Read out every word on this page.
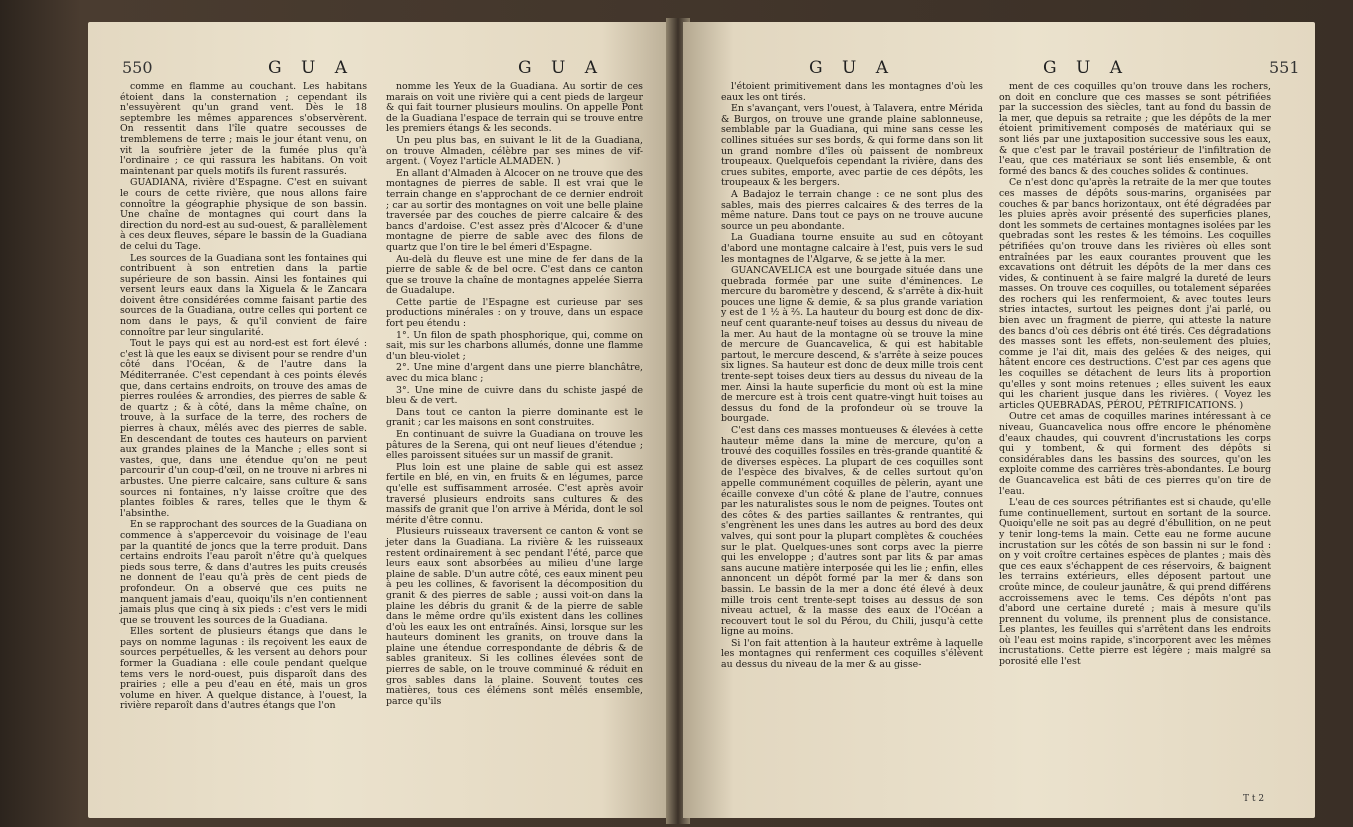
550	G U A	G U A

comme en flamme au couchant. Les habitans étoient dans la consternation ; cependant ils n'essuyèrent qu'un grand vent. Dès le 18 septembre les mêmes apparences s'observèrent. On ressentit dans l'île quatre secousses de tremblemens de terre ; mais le jour étant venu, on vit la soufrière jeter de la fumée plus qu'à l'ordinaire ; ce qui rassura les habitans. On voit maintenant par quels motifs ils furent rassurés.

GUADIANA, rivière d'Espagne. C'est en suivant le cours de cette rivière, que nous allons faire connoître la géographie physique de son bassin. Une chaîne de montagnes qui court dans la direction du nord-est au sud-ouest, & parallèlement à ces deux fleuves, sépare le bassin de la Guadiana de celui du Tage.

Les sources de la Guadiana sont les fontaines qui contribuent à son entretien dans la partie supérieure de son bassin. Ainsi les fontaines qui versent leurs eaux dans la Xiguela & le Zancara doivent être considérées comme faisant partie des sources de la Guadiana, outre celles qui portent ce nom dans le pays, & qu'il convient de faire connoître par leur singularité.

Tout le pays qui est au nord-est est fort élevé : c'est là que les eaux se divisent pour se rendre d'un côté dans l'Océan, & de l'autre dans la Méditerranée. C'est cependant à ces points élevés que, dans certains endroits, on trouve des amas de pierres roulées & arrondies, des pierres de sable & de quartz ; & à côté, dans la même chaîne, on trouve, à la surface de la terre, des rochers de pierres à chaux, mêlés avec des pierres de sable. En descendant de toutes ces hauteurs on parvient aux grandes plaines de la Manche ; elles sont si vastes, que, dans une étendue qu'on ne peut parcourir d'un coup-d'œil, on ne trouve ni arbres ni arbustes. Une pierre calcaire, sans culture & sans sources ni fontaines, n'y laisse croître que des plantes foibles & rares, telles que le thym & l'absinthe.

En se rapprochant des sources de la Guadiana on commence à s'appercevoir du voisinage de l'eau par la quantité de joncs que la terre produit. Dans certains endroits l'eau paroît n'être qu'à quelques pieds sous terre, & dans d'autres les puits creusés ne donnent de l'eau qu'à près de cent pieds de profondeur. On a observé que ces puits ne manquent jamais d'eau, quoiqu'ils n'en contiennent jamais plus que cinq à six pieds : c'est vers le midi que se trouvent les sources de la Guadiana.

Elles sortent de plusieurs étangs que dans le pays on nomme lagunas : ils reçoivent les eaux de sources perpétuelles, & les versent au dehors pour former la Guadiana : elle coule pendant quelque tems vers le nord-ouest, puis disparoît dans des prairies ; elle a peu d'eau en été, mais un gros volume en hiver. A quelque distance, à l'ouest, la rivière reparoît dans d'autres étangs que l'on

nomme les Yeux de la Guadiana. Au sortir de ces marais on voit une rivière qui a cent pieds de largeur & qui fait tourner plusieurs moulins. On appelle Pont de la Guadiana l'espace de terrain qui se trouve entre les premiers étangs & les seconds.

Un peu plus bas, en suivant le lit de la Guadiana, on trouve Almaden, célèbre par ses mines de vif-argent. ( Voyez l'article ALMADEN. )

En allant d'Almaden à Alcocer on ne trouve que des montagnes de pierres de sable. Il est vrai que le terrain change en s'approchant de ce dernier endroit ; car au sortir des montagnes on voit une belle plaine traversée par des couches de pierre calcaire & des bancs d'ardoise. C'est assez près d'Alcocer & d'une montagne de pierre de sable avec des filons de quartz que l'on tire le bel émeri d'Espagne.

Au-delà du fleuve est une mine de fer dans de la pierre de sable & de bel ocre. C'est dans ce canton que se trouve la chaîne de montagnes appelée Sierra de Guadalupe.

Cette partie de l'Espagne est curieuse par ses productions minérales : on y trouve, dans un espace fort peu étendu :

1°. Un filon de spath phosphorique, qui, comme on sait, mis sur les charbons allumés, donne une flamme d'un bleu-violet ;

2°. Une mine d'argent dans une pierre blanchâtre, avec du mica blanc ;

3°. Une mine de cuivre dans du schiste jaspé de bleu & de vert.

Dans tout ce canton la pierre dominante est le granit ; car les maisons en sont construites.

En continuant de suivre la Guadiana on trouve les pâtures de la Serena, qui ont neuf lieues d'étendue ; elles paroissent situées sur un massif de granit.

Plus loin est une plaine de sable qui est assez fertile en blé, en vin, en fruits & en légumes, parce qu'elle est suffisamment arrosée. C'est après avoir traversé plusieurs endroits sans cultures & des massifs de granit que l'on arrive à Mérida, dont le sol mérite d'être connu.

Plusieurs ruisseaux traversent ce canton & vont se jeter dans la Guadiana. La rivière & les ruisseaux restent ordinairement à sec pendant l'été, parce que leurs eaux sont absorbées au milieu d'une large plaine de sable. D'un autre côté, ces eaux minent peu à peu les collines, & favorisent la décomposition du granit & des pierres de sable ; aussi voit-on dans la plaine les débris du granit & de la pierre de sable dans le même ordre qu'ils existent dans les collines d'où les eaux les ont entraînés. Ainsi, lorsque sur les hauteurs dominent les granits, on trouve dans la plaine une étendue correspondante de débris & de sables graniteux. Si les collines élevées sont de pierres de sable, on le trouve comminué & réduit en gros sables dans la plaine. Souvent toutes ces matières, tous ces élémens sont mêlés ensemble, parce qu'ils

G U A	G U A	551

l'étoient primitivement dans les montagnes d'où les eaux les ont tirés.

En s'avançant, vers l'ouest, à Talavera, entre Mérida & Burgos, on trouve une grande plaine sablonneuse, semblable par la Guadiana, qui mine sans cesse les collines situées sur ses bords, & qui forme dans son lit un grand nombre d'îles où paissent de nombreux troupeaux. Quelquefois cependant la rivière, dans des crues subites, emporte, avec partie de ces dépôts, les troupeaux & les bergers.

A Badajoz le terrain change : ce ne sont plus des sables, mais des pierres calcaires & des terres de la même nature. Dans tout ce pays on ne trouve aucune source un peu abondante.

La Guadiana tourne ensuite au sud en côtoyant d'abord une montagne calcaire à l'est, puis vers le sud les montagnes de l'Algarve, & se jette à la mer.

GUANCAVELICA est une bourgade située dans une quebrada formée par une suite d'éminences. Le mercure du baromètre y descend, & s'arrête à dix-huit pouces une ligne & demie, & sa plus grande variation y est de 1 ½ à ⅔. La hauteur du bourg est donc de dix-neuf cent quarante-neuf toises au dessus du niveau de la mer. Au haut de la montagne où se trouve la mine de mercure de Guancavelica, & qui est habitable partout, le mercure descend, & s'arrête à seize pouces six lignes. Sa hauteur est donc de deux mille trois cent trente-sept toises deux tiers au dessus du niveau de la mer. Ainsi la haute superficie du mont où est la mine de mercure est à trois cent quatre-vingt huit toises au dessus du fond de la profondeur où se trouve la bourgade.

C'est dans ces masses montueuses & élevées à cette hauteur même dans la mine de mercure, qu'on a trouvé des coquilles fossiles en très-grande quantité & de diverses espèces. La plupart de ces coquilles sont de l'espèce des bivalves, & de celles surtout qu'on appelle communément coquilles de pèlerin, ayant une écaille convexe d'un côté & plane de l'autre, connues par les naturalistes sous le nom de peignes. Toutes ont des côtes & des parties saillantes & rentrantes, qui s'engrènent les unes dans les autres au bord des deux valves, qui sont pour la plupart complètes & couchées sur le plat. Quelques-unes sont corps avec la pierre qui les enveloppe ; d'autres sont par lits & par amas sans aucune matière interposée qui les lie ; enfin, elles annoncent un dépôt formé par la mer & dans son bassin. Le bassin de la mer a donc été élevé à deux mille trois cent trente-sept toises au dessus de son niveau actuel, & la masse des eaux de l'Océan a recouvert tout le sol du Pérou, du Chili, jusqu'à cette ligne au moins.

Si l'on fait attention à la hauteur extrême à laquelle les montagnes qui renferment ces coquilles s'élèvent au dessus du niveau de la mer & au gisse-

ment de ces coquilles qu'on trouve dans les rochers, on doit en conclure que ces masses se sont pétrifiées par la succession des siècles, tant au fond du bassin de la mer, que depuis sa retraite ; que les dépôts de la mer étoient primitivement composés de matériaux qui se sont liés par une juxtaposition successive sous les eaux, & que c'est par le travail postérieur de l'infiltration de l'eau, que ces matériaux se sont liés ensemble, & ont formé des bancs & des couches solides & continues.

Ce n'est donc qu'après la retraite de la mer que toutes ces masses de dépôts sous-marins, organisées par couches & par bancs horizontaux, ont été dégradées par les pluies après avoir présenté des superficies planes, dont les sommets de certaines montagnes isolées par les quebradas sont les restes & les témoins. Les coquilles pétrifiées qu'on trouve dans les rivières où elles sont entraînées par les eaux courantes prouvent que les excavations ont détruit les dépôts de la mer dans ces vides, & continuent à se faire malgré la dureté de leurs masses. On trouve ces coquilles, ou totalement séparées des rochers qui les renfermoient, & avec toutes leurs stries intactes, surtout les peignes dont j'ai parlé, ou bien avec un fragment de pierre, qui atteste la nature des bancs d'où ces débris ont été tirés. Ces dégradations des masses sont les effets, non-seulement des pluies, comme je l'ai dit, mais des gelées & des neiges, qui hâtent encore ces destructions. C'est par ces agens que les coquilles se détachent de leurs lits à proportion qu'elles y sont moins retenues ; elles suivent les eaux qui les charient jusque dans les rivières. ( Voyez les articles QUEBRADAS, PÉROU, PÉTRIFICATIONS. )

Outre cet amas de coquilles marines intéressant à ce niveau, Guancavelica nous offre encore le phénomène d'eaux chaudes, qui couvrent d'incrustations les corps qui y tombent, & qui forment des dépôts si considérables dans les bassins des sources, qu'on les exploite comme des carrières très-abondantes. Le bourg de Guancavelica est bâti de ces pierres qu'on tire de l'eau.

L'eau de ces sources pétrifiantes est si chaude, qu'elle fume continuellement, surtout en sortant de la source. Quoiqu'elle ne soit pas au degré d'ébullition, on ne peut y tenir long-tems la main. Cette eau ne forme aucune incrustation sur les côtés de son bassin ni sur le fond : on y voit croître certaines espèces de plantes ; mais dès que ces eaux s'échappent de ces réservoirs, & baignent les terrains extérieurs, elles déposent partout une croûte mince, de couleur jaunâtre, & qui prend différens accroissemens avec le tems. Ces dépôts n'ont pas d'abord une certaine dureté ; mais à mesure qu'ils prennent du volume, ils prennent plus de consistance. Les plantes, les feuilles qui s'arrêtent dans les endroits où l'eau est moins rapide, s'incorporent avec les mêmes incrustations. Cette pierre est légère ; mais malgré sa porosité elle l'est

T t 2
